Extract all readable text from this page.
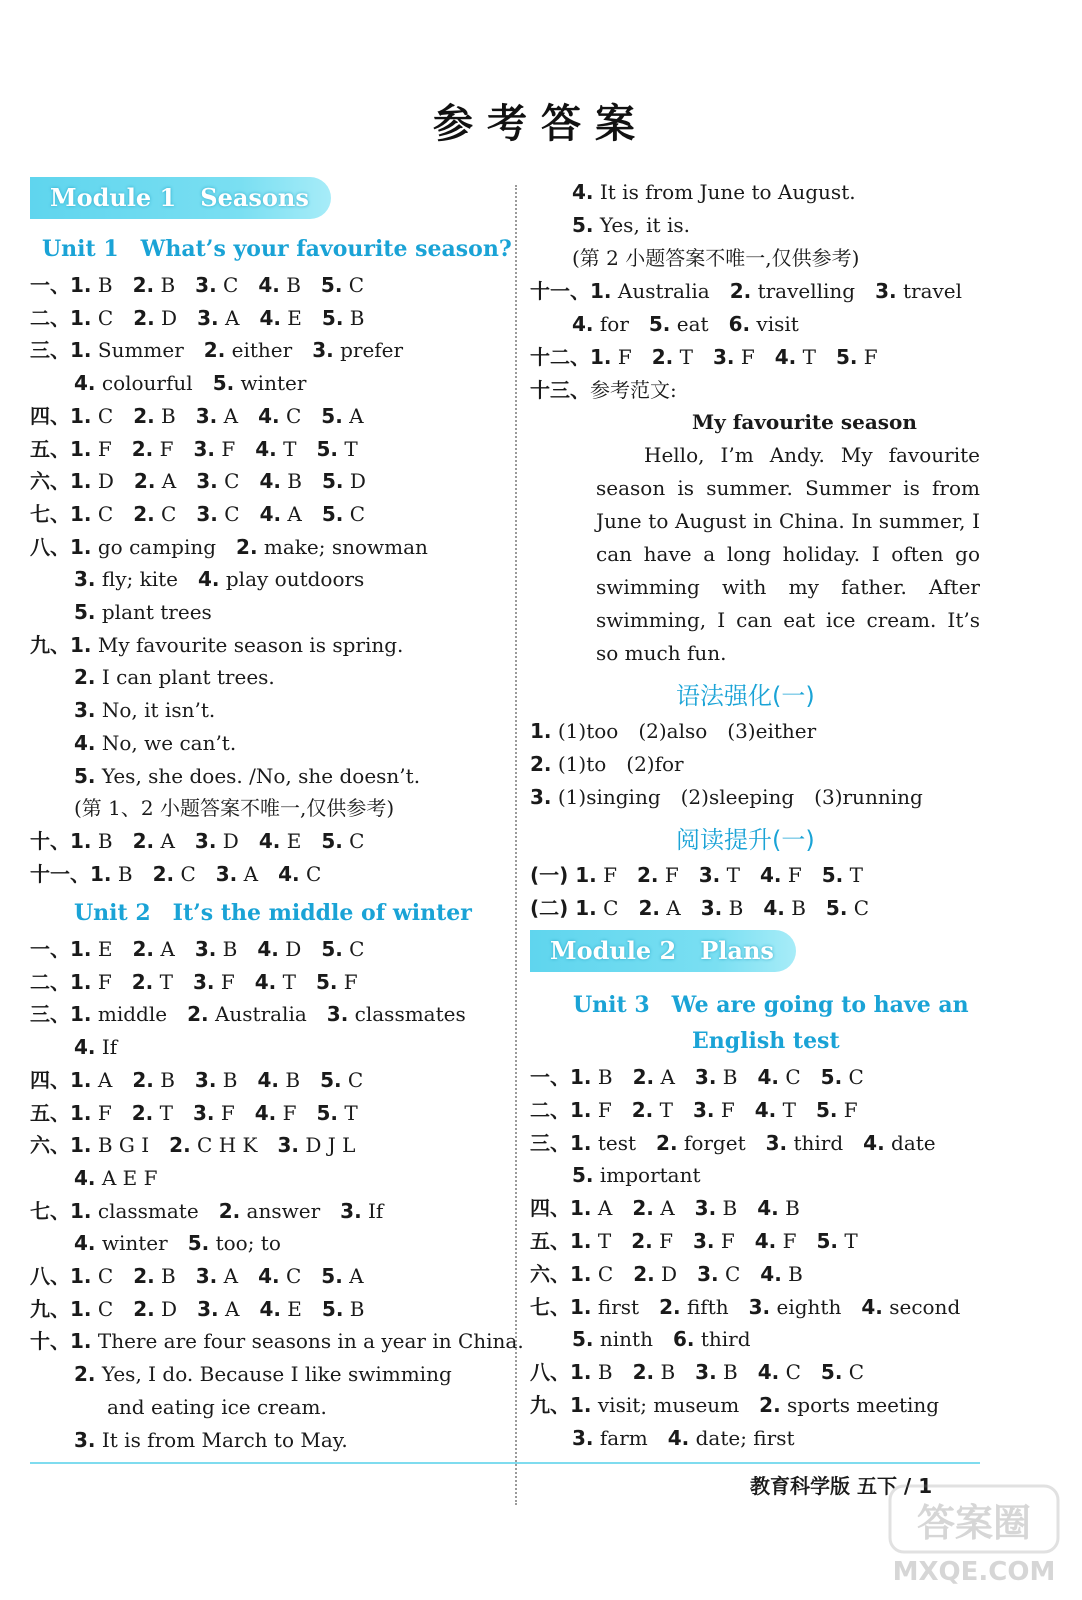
参考答案
Module 1　Seasons
Unit 1　What’s your favourite season?
一、1. B　2. B　3. C　4. B　5. C
二、1. C　2. D　3. A　4. E　5. B
三、1. Summer　2. either　3. prefer
4. colourful　5. winter
四、1. C　2. B　3. A　4. C　5. A
五、1. F　2. F　3. F　4. T　5. T
六、1. D　2. A　3. C　4. B　5. D
七、1. C　2. C　3. C　4. A　5. C
八、1. go camping　2. make; snowman
3. fly; kite　4. play outdoors
5. plant trees
九、1. My favourite season is spring.
2. I can plant trees.
3. No, it isn’t.
4. No, we can’t.
5. Yes, she does. /No, she doesn’t.
(第 1、2 小题答案不唯一,仅供参考)
十、1. B　2. A　3. D　4. E　5. C
十一、1. B　2. C　3. A　4. C
Unit 2　It’s the middle of winter
一、1. E　2. A　3. B　4. D　5. C
二、1. F　2. T　3. F　4. T　5. F
三、1. middle　2. Australia　3. classmates
4. If
四、1. A　2. B　3. B　4. B　5. C
五、1. F　2. T　3. F　4. F　5. T
六、1. B G I　2. C H K　3. D J L
4. A E F
七、1. classmate　2. answer　3. If
4. winter　5. too; to
八、1. C　2. B　3. A　4. C　5. A
九、1. C　2. D　3. A　4. E　5. B
十、1. There are four seasons in a year in China.
2. Yes, I do. Because I like swimming
and eating ice cream.
3. It is from March to May.
4. It is from June to August.
5. Yes, it is.
(第 2 小题答案不唯一,仅供参考)
十一、1. Australia　2. travelling　3. travel
4. for　5. eat　6. visit
十二、1. F　2. T　3. F　4. T　5. F
十三、参考范文:
My favourite season
Hello, I’m Andy. My favourite season is summer. Summer is from June to August in China. In summer, I can have a long holiday. I often go swimming with my father. After swimming, I can eat ice cream. It’s so much fun.
语法强化(一)
1. (1)too　(2)also　(3)either
2. (1)to　(2)for
3. (1)singing　(2)sleeping　(3)running
阅读提升(一)
(一) 1. F　2. F　3. T　4. F　5. T
(二) 1. C　2. A　3. B　4. B　5. C
Module 2　Plans
Unit 3　We are going to have an
English test
一、1. B　2. A　3. B　4. C　5. C
二、1. F　2. T　3. F　4. T　5. F
三、1. test　2. forget　3. third　4. date
5. important
四、1. A　2. A　3. B　4. B
五、1. T　2. F　3. F　4. F　5. T
六、1. C　2. D　3. C　4. B
七、1. first　2. fifth　3. eighth　4. second
5. ninth　6. third
八、1. B　2. B　3. B　4. C　5. C
九、1. visit; museum　2. sports meeting
3. farm　4. date; first
教育科学版 五下 / 1
答案圈
MXQE.COM
